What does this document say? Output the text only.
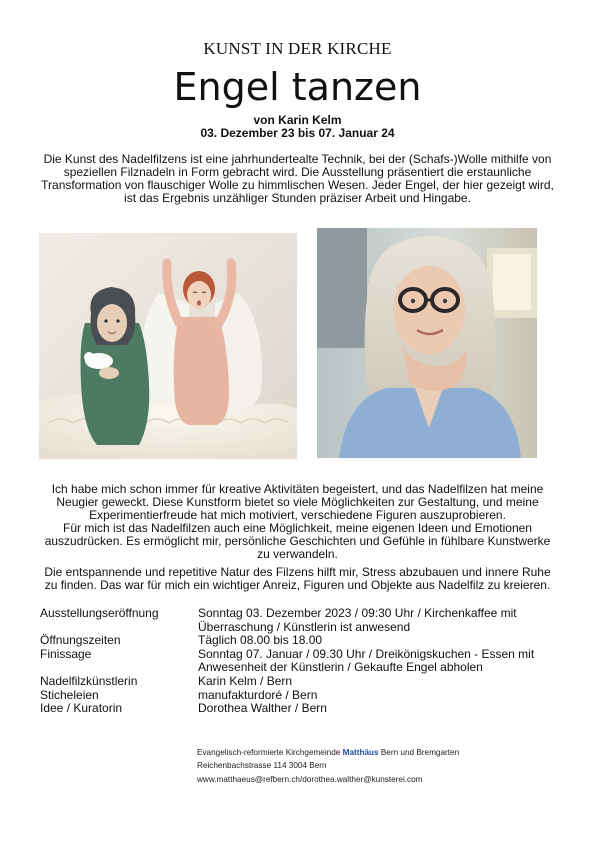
KUNST IN DER KIRCHE
Engel tanzen
von Karin Kelm
03. Dezember 23 bis 07. Januar 24
Die Kunst des Nadelfilzens ist eine jahrhundertealte Technik, bei der (Schafs-)Wolle mithilfe von
speziellen Filznadeln in Form gebracht wird. Die Ausstellung präsentiert die erstaunliche
Transformation von flauschiger Wolle zu himmlischen Wesen. Jeder Engel, der hier gezeigt wird,
ist das Ergebnis unzähliger Stunden präziser Arbeit und Hingabe.
Ich habe mich schon immer für kreative Aktivitäten begeistert, und das Nadelfilzen hat meine
Neugier geweckt. Diese Kunstform bietet so viele Möglichkeiten zur Gestaltung, und meine
Experimentierfreude hat mich motiviert, verschiedene Figuren auszuprobieren.
Für mich ist das Nadelfilzen auch eine Möglichkeit, meine eigenen Ideen und Emotionen
auszudrücken. Es ermöglicht mir, persönliche Geschichten und Gefühle in fühlbare Kunstwerke
zu verwandeln.
Die entspannende und repetitive Natur des Filzens hilft mir, Stress abzubauen und innere Ruhe
zu finden. Das war für mich ein wichtiger Anreiz, Figuren und Objekte aus Nadelfilz zu kreieren.
Ausstellungseröffnung	Sonntag 03. Dezember 2023 / 09:30 Uhr / Kirchenkaffee mit
Überraschung / Künstlerin ist anwesend
Öffnungszeiten	Täglich 08.00 bis 18.00
Finissage	Sonntag 07. Januar / 09.30 Uhr / Dreikönigskuchen - Essen mit
Anwesenheit der Künstlerin / Gekaufte Engel abholen
Nadelfilzkünstlerin	Karin Kelm / Bern
Sticheleien	manufakturdoré / Bern
Idee / Kuratorin	Dorothea Walther / Bern
Evangelisch-reformierte Kirchgemeinde Matthäus Bern und Bremgarten
Reichenbachstrasse 114 3004 Bern
www.matthaeus@refbern.ch/dorothea.walther@kunsterei.com
